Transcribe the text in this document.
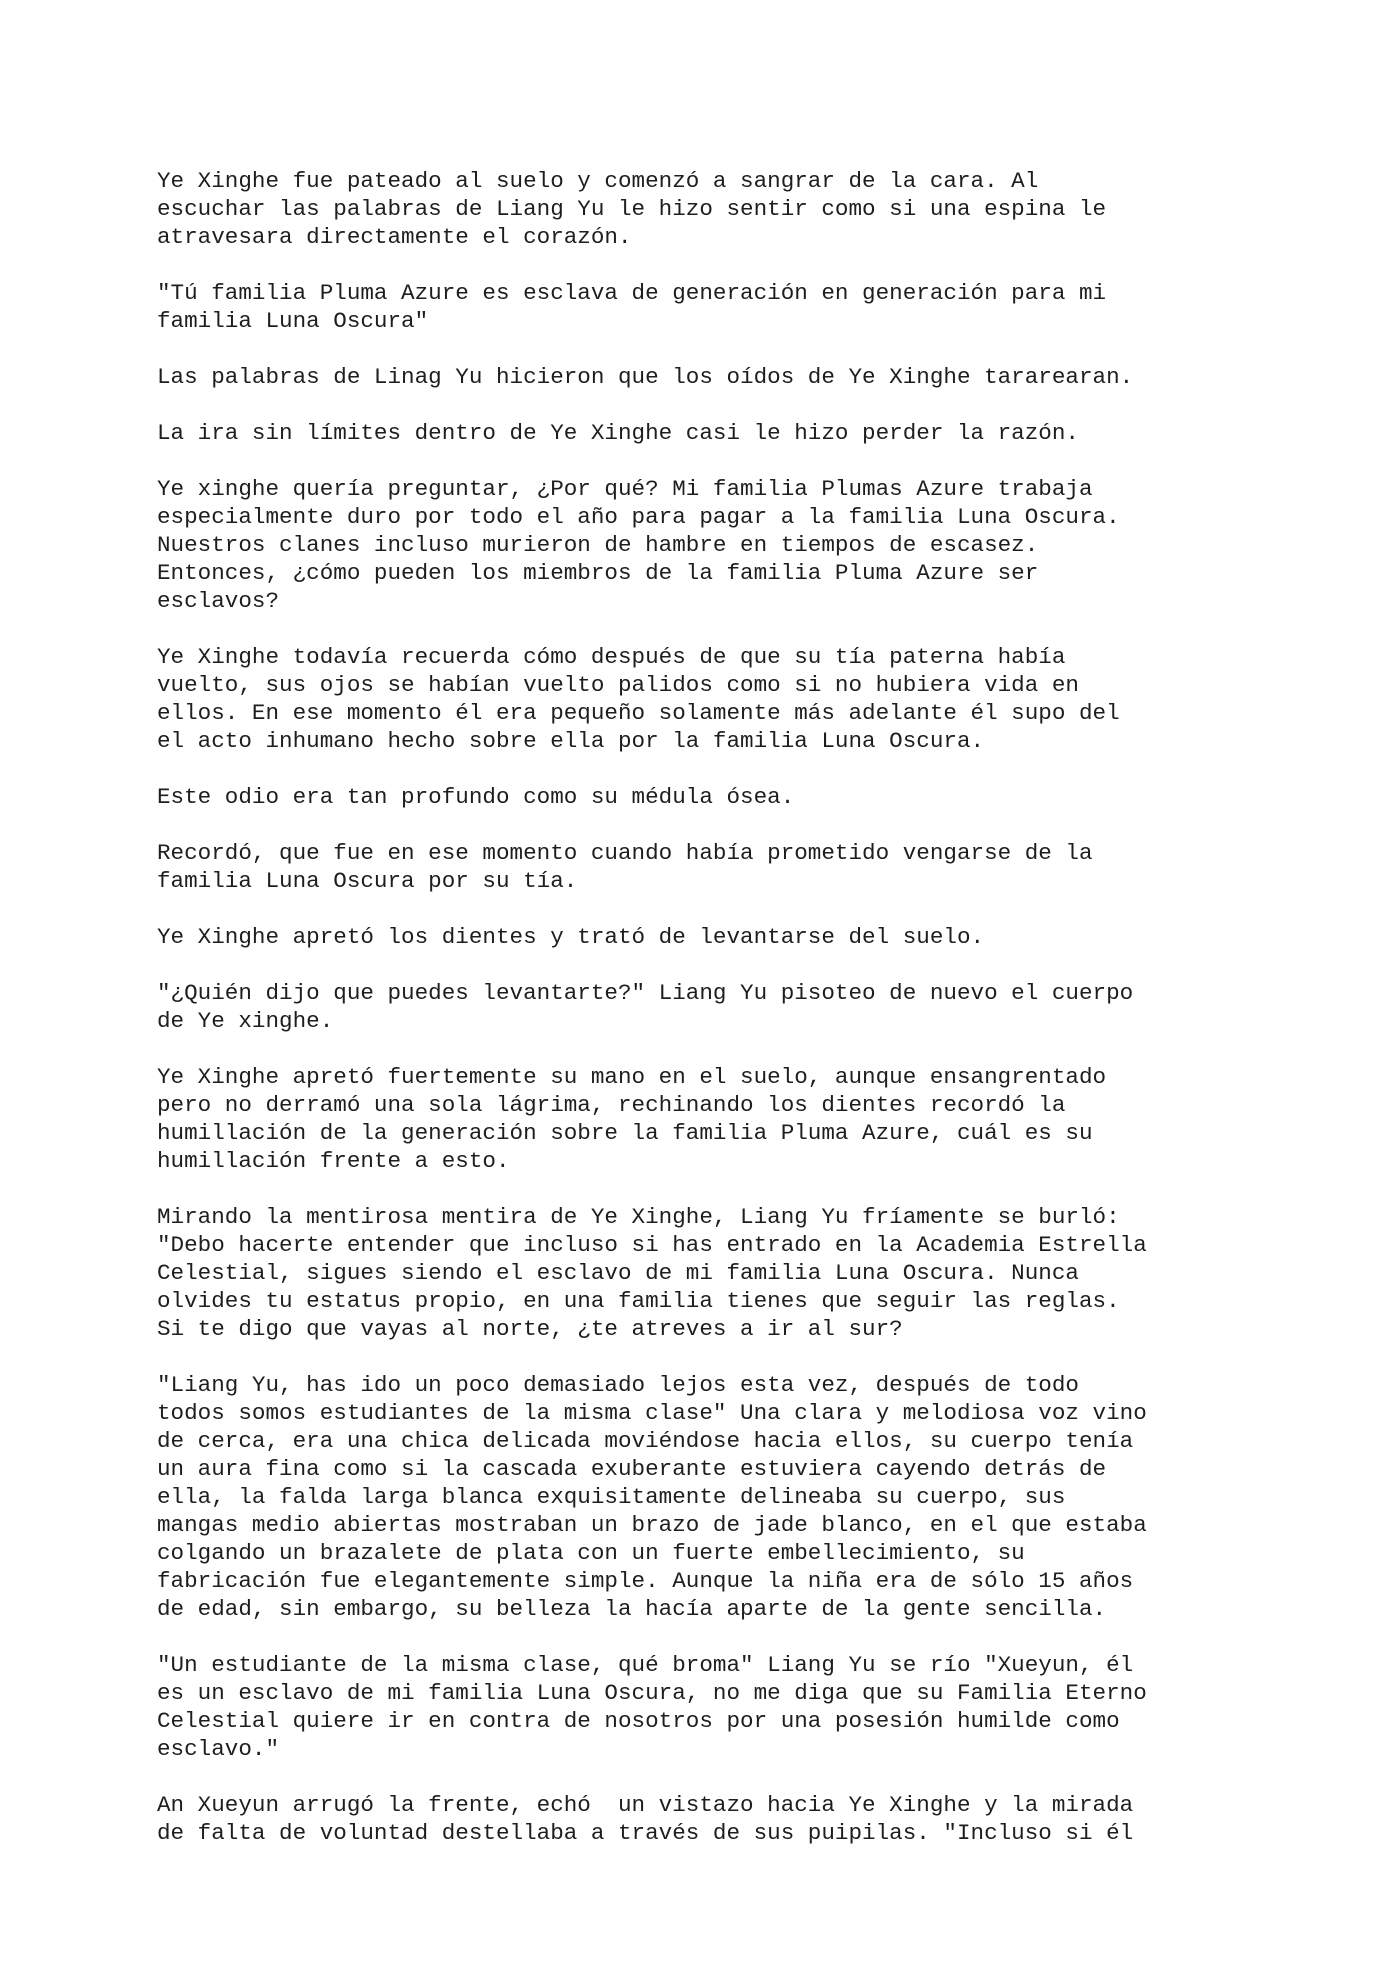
Ye Xinghe fue pateado al suelo y comenzó a sangrar de la cara. Al
escuchar las palabras de Liang Yu le hizo sentir como si una espina le
atravesara directamente el corazón.

"Tú familia Pluma Azure es esclava de generación en generación para mi
familia Luna Oscura"

Las palabras de Linag Yu hicieron que los oídos de Ye Xinghe tararearan.

La ira sin límites dentro de Ye Xinghe casi le hizo perder la razón.

Ye xinghe quería preguntar, ¿Por qué? Mi familia Plumas Azure trabaja
especialmente duro por todo el año para pagar a la familia Luna Oscura.
Nuestros clanes incluso murieron de hambre en tiempos de escasez.
Entonces, ¿cómo pueden los miembros de la familia Pluma Azure ser
esclavos?

Ye Xinghe todavía recuerda cómo después de que su tía paterna había
vuelto, sus ojos se habían vuelto palidos como si no hubiera vida en
ellos. En ese momento él era pequeño solamente más adelante él supo del
el acto inhumano hecho sobre ella por la familia Luna Oscura.

Este odio era tan profundo como su médula ósea.

Recordó, que fue en ese momento cuando había prometido vengarse de la
familia Luna Oscura por su tía.

Ye Xinghe apretó los dientes y trató de levantarse del suelo.

"¿Quién dijo que puedes levantarte?" Liang Yu pisoteo de nuevo el cuerpo
de Ye xinghe.

Ye Xinghe apretó fuertemente su mano en el suelo, aunque ensangrentado
pero no derramó una sola lágrima, rechinando los dientes recordó la
humillación de la generación sobre la familia Pluma Azure, cuál es su
humillación frente a esto.

Mirando la mentirosa mentira de Ye Xinghe, Liang Yu fríamente se burló:
"Debo hacerte entender que incluso si has entrado en la Academia Estrella
Celestial, sigues siendo el esclavo de mi familia Luna Oscura. Nunca
olvides tu estatus propio, en una familia tienes que seguir las reglas.
Si te digo que vayas al norte, ¿te atreves a ir al sur?

"Liang Yu, has ido un poco demasiado lejos esta vez, después de todo
todos somos estudiantes de la misma clase" Una clara y melodiosa voz vino
de cerca, era una chica delicada moviéndose hacia ellos, su cuerpo tenía
un aura fina como si la cascada exuberante estuviera cayendo detrás de
ella, la falda larga blanca exquisitamente delineaba su cuerpo, sus
mangas medio abiertas mostraban un brazo de jade blanco, en el que estaba
colgando un brazalete de plata con un fuerte embellecimiento, su
fabricación fue elegantemente simple. Aunque la niña era de sólo 15 años
de edad, sin embargo, su belleza la hacía aparte de la gente sencilla.

"Un estudiante de la misma clase, qué broma" Liang Yu se río "Xueyun, él
es un esclavo de mi familia Luna Oscura, no me diga que su Familia Eterno
Celestial quiere ir en contra de nosotros por una posesión humilde como
esclavo."

An Xueyun arrugó la frente, echó  un vistazo hacia Ye Xinghe y la mirada
de falta de voluntad destellaba a través de sus puipilas. "Incluso si él
